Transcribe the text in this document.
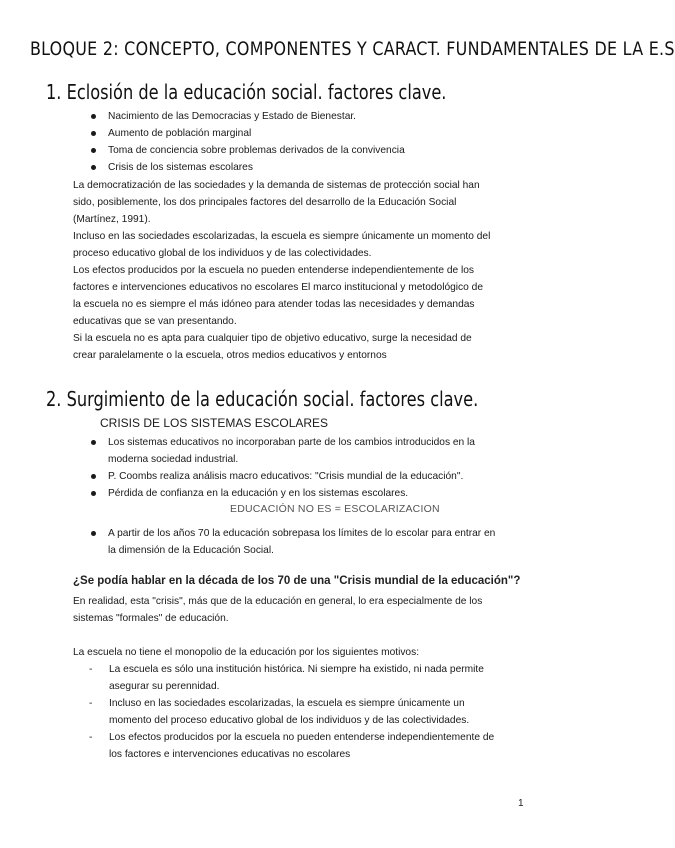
BLOQUE 2: CONCEPTO, COMPONENTES Y CARACT. FUNDAMENTALES DE LA E.S
1. Eclosión de la educación social. factores clave.
Nacimiento de las Democracias y Estado de Bienestar.
Aumento de población marginal
Toma de conciencia sobre problemas derivados de la convivencia
Crisis de los sistemas escolares
La democratización de las sociedades y la demanda de sistemas de protección social han
sido, posiblemente, los dos principales factores del desarrollo de la Educación Social
(Martínez, 1991).
Incluso en las sociedades escolarizadas, la escuela es siempre únicamente un momento del
proceso educativo global de los individuos y de las colectividades.
Los efectos producidos por la escuela no pueden entenderse independientemente de los
factores e intervenciones educativos no escolares El marco institucional y metodológico de
la escuela no es siempre el más idóneo para atender todas las necesidades y demandas
educativas que se van presentando.
Si la escuela no es apta para cualquier tipo de objetivo educativo, surge la necesidad de
crear paralelamente o la escuela, otros medios educativos y entornos
2. Surgimiento de la educación social. factores clave.
CRISIS DE LOS SISTEMAS ESCOLARES
Los sistemas educativos no incorporaban parte de los cambios introducidos en la
moderna sociedad industrial.
P. Coombs realiza análisis macro educativos: "Crisis mundial de la educación".
Pérdida de confianza en la educación y en los sistemas escolares.
EDUCACIÓN NO ES = ESCOLARIZACION
A partir de los años 70 la educación sobrepasa los límites de lo escolar para entrar en
la dimensión de la Educación Social.
¿Se podía hablar en la década de los 70 de una "Crisis mundial de la educación"?
En realidad, esta "crisis", más que de la educación en general, lo era especialmente de los
sistemas "formales" de educación.
La escuela no tiene el monopolio de la educación por los siguientes motivos:
- La escuela es sólo una institución histórica. Ni siempre ha existido, ni nada permite
asegurar su perennidad.
- Incluso en las sociedades escolarizadas, la escuela es siempre únicamente un
momento del proceso educativo global de los individuos y de las colectividades.
- Los efectos producidos por la escuela no pueden entenderse independientemente de
los factores e intervenciones educativas no escolares
1
